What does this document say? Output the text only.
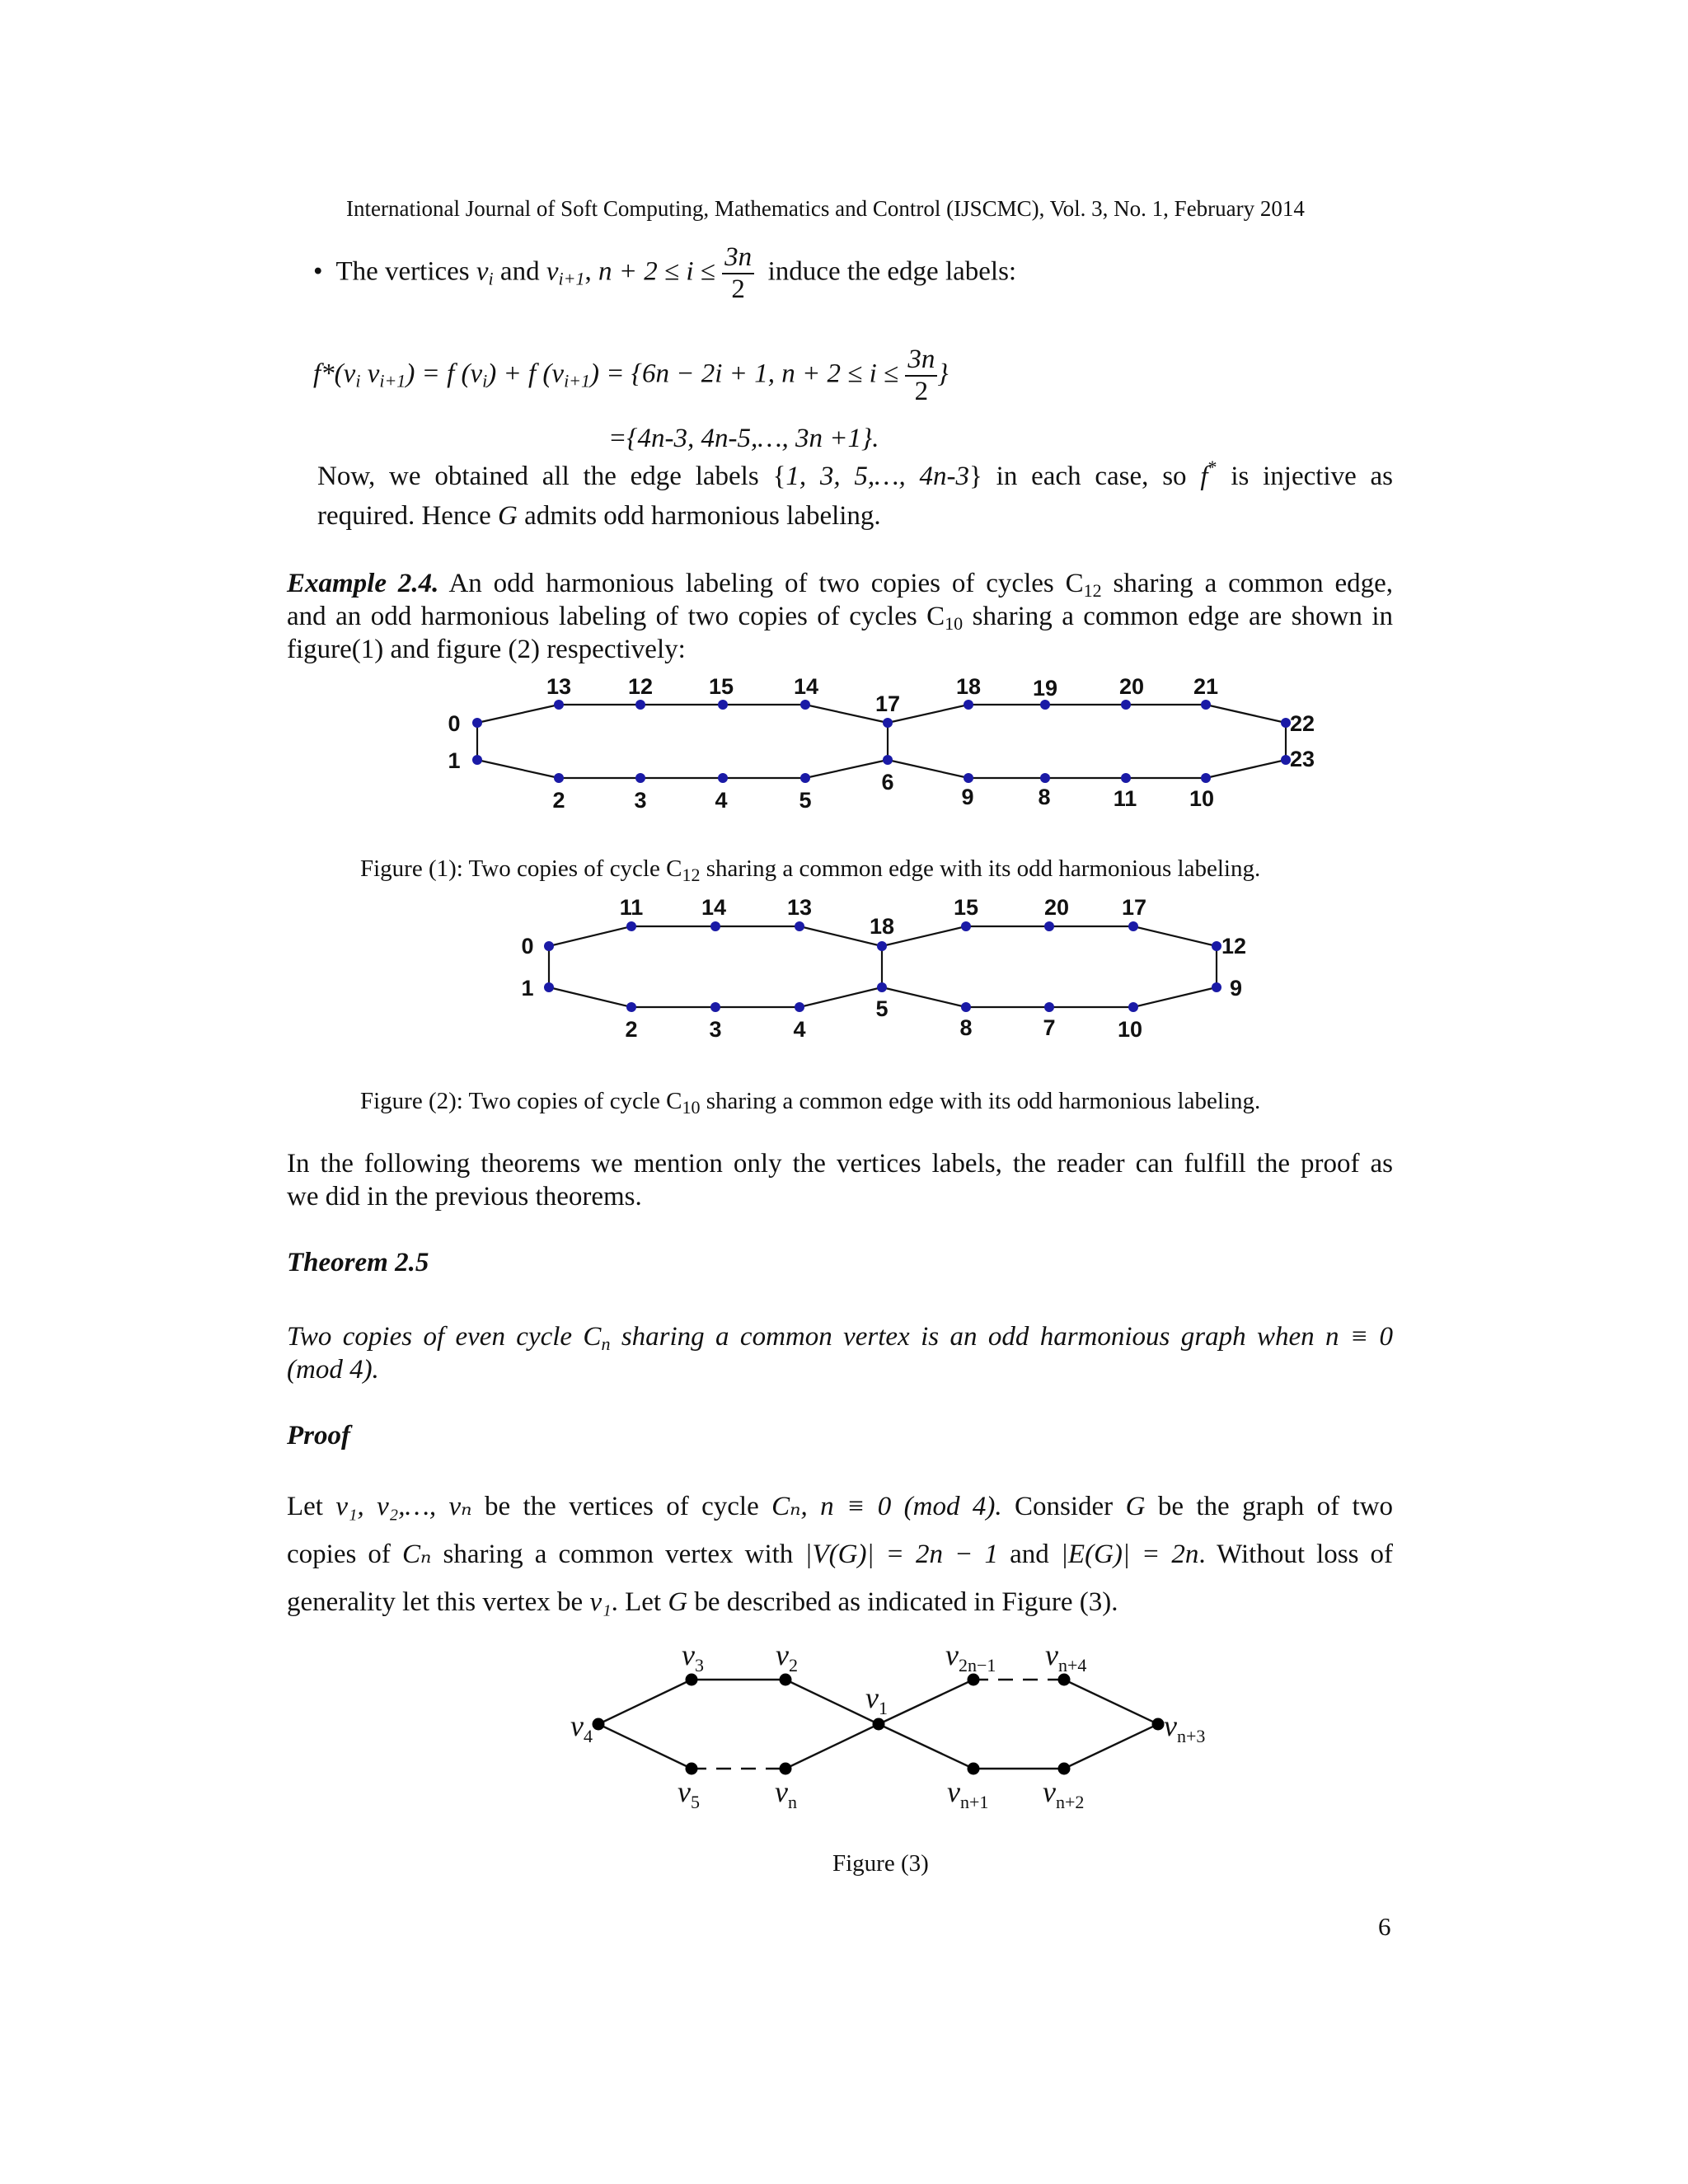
International Journal of Soft Computing, Mathematics and Control (IJSCMC), Vol. 3, No. 1, February 2014
•  The vertices $v_i$ and $v_{i+1}$, $n + 2 \le i \le \frac{3n}{2}$ induce the edge labels:
$f*(v_i$ $v_{i+1}) = f$ $(v_i) + f$ $(v_{i+1}) = \{6n - 2i + 1$, $n + 2 \le i \le \frac{3n}{2}$ }
={4n-3, 4n-5,…, 3n +1}.
Now, we obtained all the edge labels {1, 3, 5,…, 4n-3} in each case, so f* is injective as
required. Hence G admits odd harmonious labeling.
Example 2.4. An odd harmonious labeling of two copies of cycles $C_{12}$ sharing a common edge,
and an odd harmonious labeling of two copies of cycles $C_{10}$ sharing a common edge are shown in
figure(1) and figure (2) respectively:
0
13	12	15	14
17
18 19	20 21
22
1
2	3	4	5
6
9	8	11 10
23
Figure (1): Two copies of cycle $C_{12}$ sharing a common edge with its odd harmonious labeling.
0
11	14	13
18
15	20 17
12
1
2	3	4
5
8	7	10
9
Figure (2): Two copies of cycle $C_{10}$ sharing a common edge with its odd harmonious labeling.
In the following theorems we mention only the vertices labels, the reader can fulfill the proof as
we did in the previous theorems.
Theorem 2.5
Two copies of even cycle $C_n$ sharing a common vertex is an odd harmonious graph when n ≡ 0
(mod 4).
Proof
Let v₁, v₂,…, vₙ be the vertices of cycle Cₙ, n ≡ 0 (mod 4). Consider G be the graph of two
copies of Cₙ sharing a common vertex with |V(G)| = 2n − 1 and |E(G)| = 2n. Without loss of
generality let this vertex be v₁. Let G be described as indicated in Figure (3).
$v_3$ $v_2$	$v_{2n-1}$ $v_{n+4}$
$v_4$
$v_1$
$v_{n+3}$
$v_5$	$v_n$	$v_{n+1}$ $v_{n+2}$
Figure (3)
6
